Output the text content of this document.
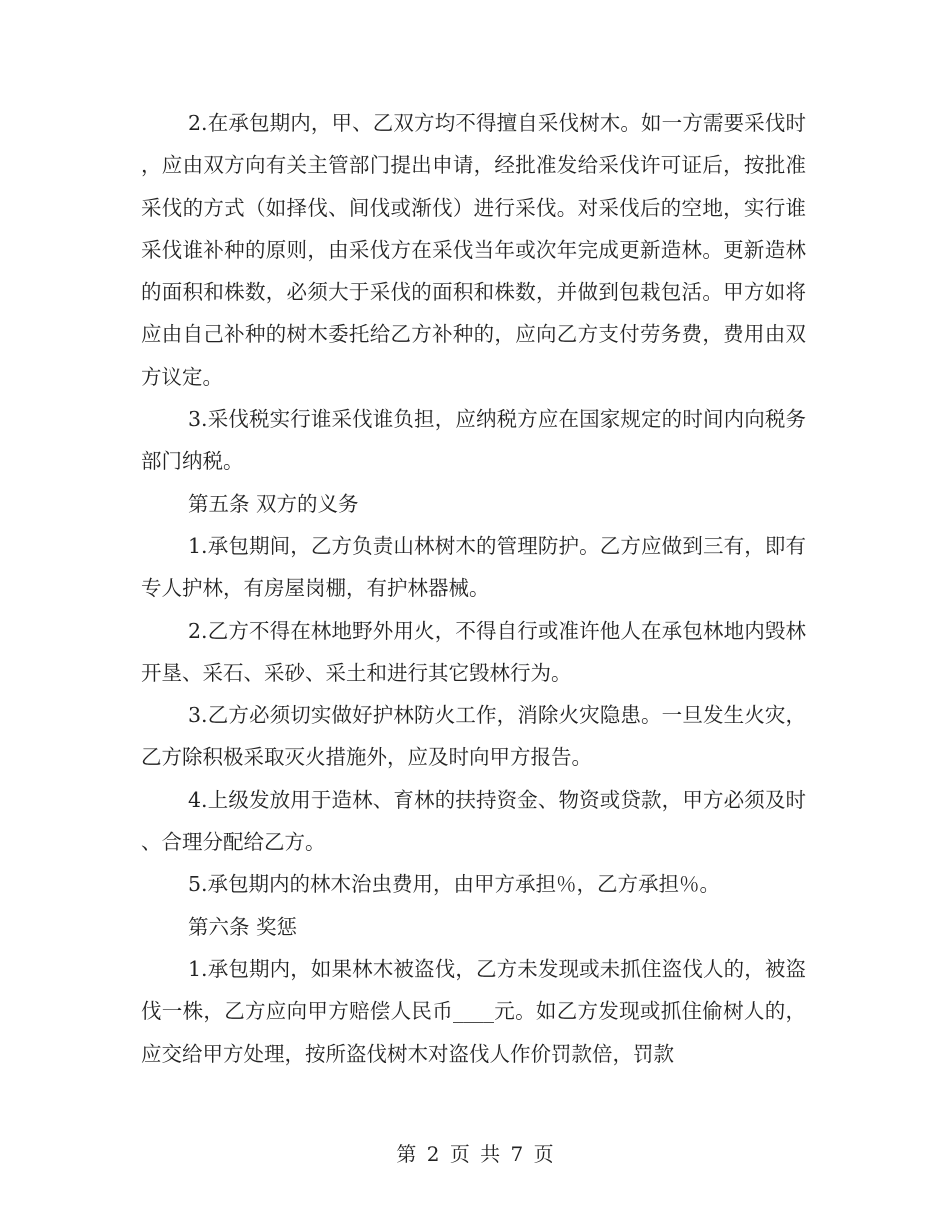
2.在承包期内，甲、乙双方均不得擅自采伐树木。如一方需要采伐时，应由双方向有关主管部门提出申请，经批准发给采伐许可证后，按批准采伐的方式（如择伐、间伐或渐伐）进行采伐。对采伐后的空地，实行谁采伐谁补种的原则，由采伐方在采伐当年或次年完成更新造林。更新造林的面积和株数，必须大于采伐的面积和株数，并做到包栽包活。甲方如将应由自己补种的树木委托给乙方补种的，应向乙方支付劳务费，费用由双方议定。

3.采伐税实行谁采伐谁负担，应纳税方应在国家规定的时间内向税务部门纳税。

第五条 双方的义务

1.承包期间，乙方负责山林树木的管理防护。乙方应做到三有，即有专人护林，有房屋岗棚，有护林器械。

2.乙方不得在林地野外用火，不得自行或准许他人在承包林地内毁林开垦、采石、采砂、采土和进行其它毁林行为。

3.乙方必须切实做好护林防火工作，消除火灾隐患。一旦发生火灾，乙方除积极采取灭火措施外，应及时向甲方报告。

4.上级发放用于造林、育林的扶持资金、物资或贷款，甲方必须及时、合理分配给乙方。

5.承包期内的林木治虫费用，由甲方承担％，乙方承担％。

第六条 奖惩

1.承包期内，如果林木被盗伐，乙方未发现或未抓住盗伐人的，被盗伐一株，乙方应向甲方赔偿人民币____元。如乙方发现或抓住偷树人的，应交给甲方处理，按所盗伐树木对盗伐人作价罚款倍，罚款

第 2 页 共 7 页
